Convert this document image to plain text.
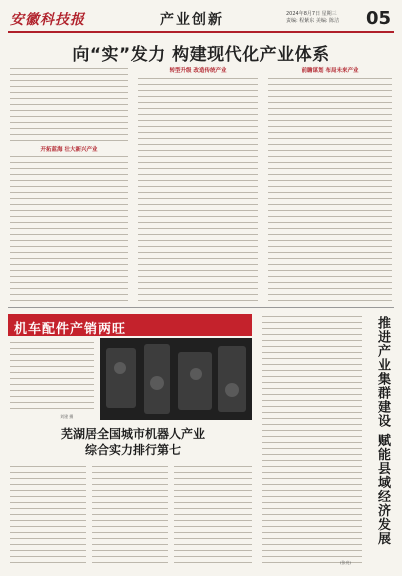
安徽科技报	产业创新	2024年8月7日 星期三
责编: 程紫东 美编: 陈洁 05
向“实”发力 构建现代化产业体系
开拓蓝海 壮大新兴产业
转型升级 改造传统产业	前瞻谋划 布局未来产业
机车配件产销两旺
刘建 摄
芜湖居全国城市机器人产业
综合实力排行第七	推进产业集群建设 赋能县域经济发展
(张亮)
